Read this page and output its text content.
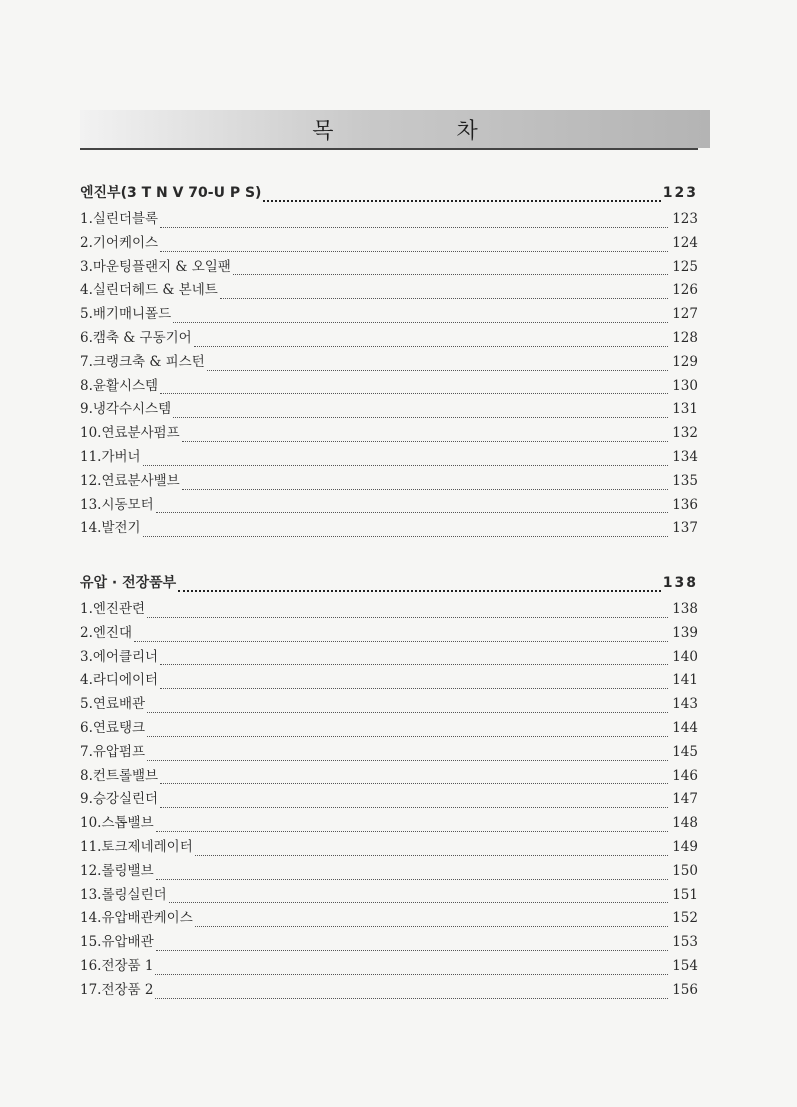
목 차
엔진부(3 T N V 70-U P S)	123
1.실린더블록	123
2.기어케이스	124
3.마운팅플랜지 & 오일팬	125
4.실린더헤드 & 본네트	126
5.배기매니폴드	127
6.캠축 & 구동기어	128
7.크랭크축 & 피스턴	129
8.윤활시스템	130
9.냉각수시스템	131
10.연료분사펌프	132
11.가버너	134
12.연료분사밸브	135
13.시동모터	136
14.발전기	137
유압 · 전장품부	138
1.엔진관련	138
2.엔진대	139
3.에어클리너	140
4.라디에이터	141
5.연료배관	143
6.연료탱크	144
7.유압펌프	145
8.컨트롤밸브	146
9.승강실린더	147
10.스톱밸브	148
11.토크제네레이터	149
12.롤링밸브	150
13.롤링실린더	151
14.유압배관케이스	152
15.유압배관	153
16.전장품 1	154
17.전장품 2	156
